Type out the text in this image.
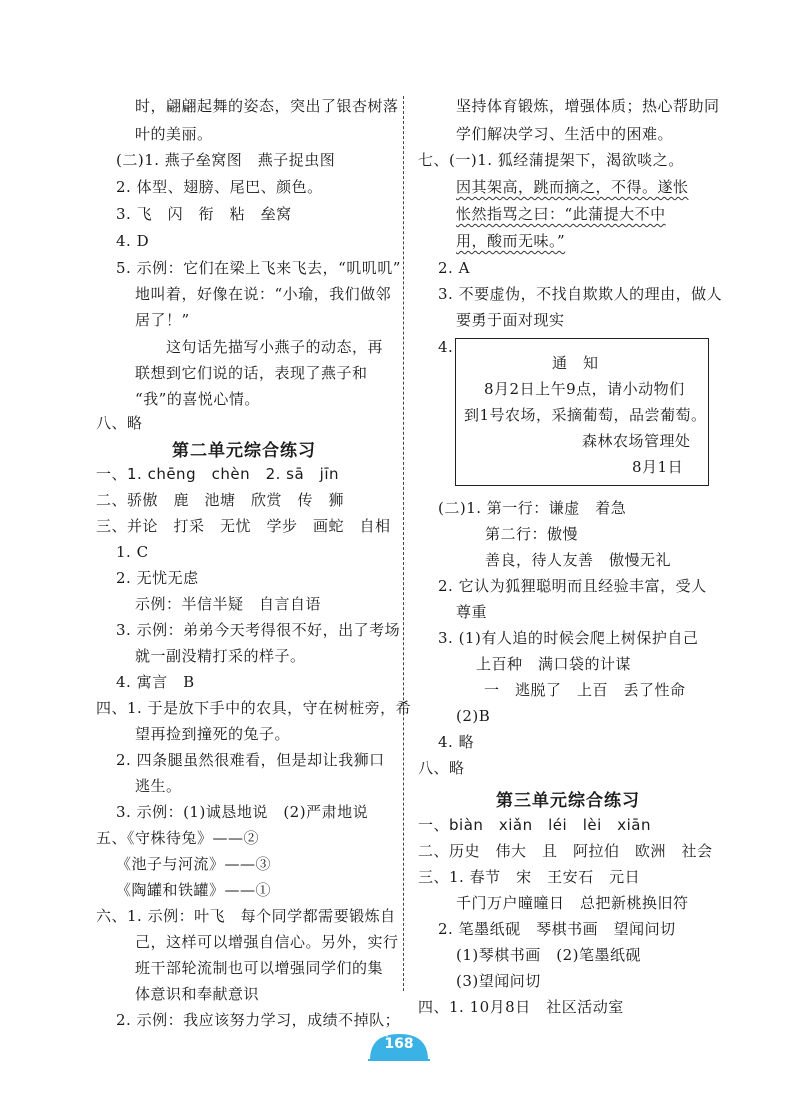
时，翩翩起舞的姿态，突出了银杏树落
叶的美丽。
(二)1. 燕子垒窝图　燕子捉虫图
2. 体型、翅膀、尾巴、颜色。
3. 飞　闪　衔　粘　垒窝
4. D
5. 示例：它们在梁上飞来飞去，“叽叽叽”
地叫着，好像在说：“小瑜，我们做邻
居了！”
　　这句话先描写小燕子的动态，再
联想到它们说的话，表现了燕子和
“我”的喜悦心情。
八、略
第二单元综合练习
一、1. chēng　chèn　2. sā　jīn
二、骄傲　鹿　池塘　欣赏　传　狮
三、并论　打采　无忧　学步　画蛇　自相
1. C
2. 无忧无虑
示例：半信半疑　自言自语
3. 示例：弟弟今天考得很不好，出了考场
就一副没精打采的样子。
4. 寓言　B
四、1. 于是放下手中的农具，守在树桩旁，希
望再捡到撞死的兔子。
2. 四条腿虽然很难看，但是却让我狮口
逃生。
3. 示例：(1)诚恳地说　(2)严肃地说
五、《守株待兔》——②
《池子与河流》——③
《陶罐和铁罐》——①
六、1. 示例：叶飞　每个同学都需要锻炼自
己，这样可以增强自信心。另外，实行
班干部轮流制也可以增强同学们的集
体意识和奉献意识
2. 示例：我应该努力学习，成绩不掉队；
坚持体育锻炼，增强体质；热心帮助同
学们解决学习、生活中的困难。
七、(一)1. 狐经蒲提架下，渴欲啖之。
因其架高，跳而摘之，不得。遂怅
怅然指骂之曰：“此蒲提大不中
用，酸而无味。”
2. A
3. 不要虚伪，不找自欺欺人的理由，做人
要勇于面对现实
4.
通　知
8月2日上午9点，请小动物们
到1号农场，采摘葡萄，品尝葡萄。
森林农场管理处
8月1日
(二)1. 第一行：谦虚　着急
第二行：傲慢
善良，待人友善　傲慢无礼
2. 它认为狐狸聪明而且经验丰富，受人
尊重
3. (1)有人追的时候会爬上树保护自己
上百种　满口袋的计谋
一　逃脱了　上百　丢了性命
(2)B
4. 略
八、略
第三单元综合练习
一、biàn　xiǎn　léi　lèi　xiān
二、历史　伟大　且　阿拉伯　欧洲　社会
三、1. 春节　宋　王安石　元日
千门万户曈曈日　总把新桃换旧符
2. 笔墨纸砚　琴棋书画　望闻问切
(1)琴棋书画　(2)笔墨纸砚
(3)望闻问切
四、1. 10月8日　社区活动室
168
